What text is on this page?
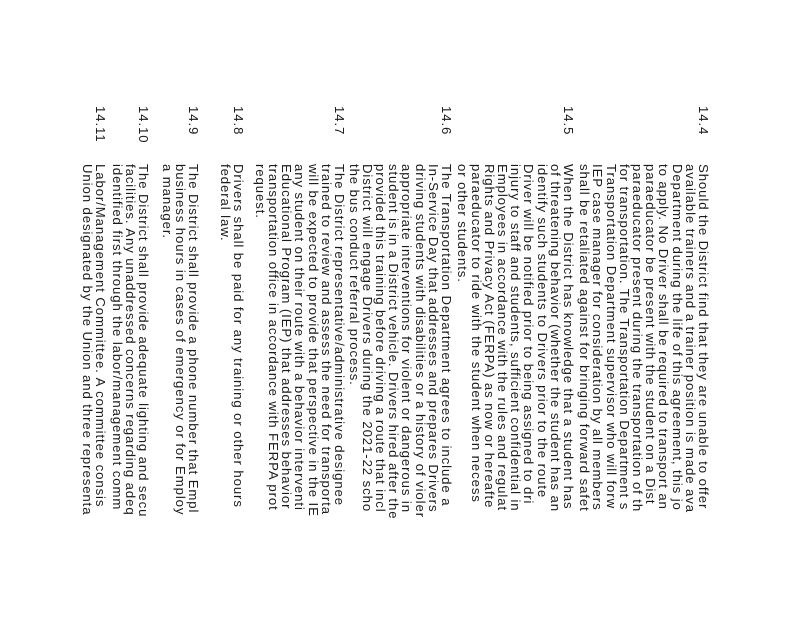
14.4
Should the District find that they are unable to offer
available trainers and a trainer position is made ava
Department during the life of this agreement, this jo
to apply. No Driver shall be required to transport an
paraeducator be present with the student on a Dist
paraeducator present during the transportation of th
for transportation. The Transportation Department s
Transportation Department supervisor who will forw
IEP case manager for consideration by all members
shall be retaliated against for bringing forward safet
14.5
When the District has knowledge that a student has
of threatening behavior (whether the student has an
identify such students to Drivers prior to the route
Driver will be notified prior to being assigned to dri
injury to staff and students, sufficient confidential in
Employees in accordance with the rules and regulat
Rights and Privacy Act (FERPA) as now or hereafte
paraeducator to ride with the student when necess
or other students.
14.6
The Transportation Department agrees to include a
In-Service Day that addresses and prepares Drivers
driving students with disabilities or a history of violer
appropriate interventions for violent or dangerous in
student is in a District vehicle. Drivers hired after the
provided this training before driving a route that incl
District will engage Drivers during the 2021-22 scho
the bus conduct referral process.
14.7
The District representative/administrative designee
trained to review and assess the need for transporta
will be expected to provide that perspective in the IE
any student on their route with a behavior interventi
Educational Program (IEP) that addresses behavior
transportation office in accordance with FERPA prot
request.
14.8
Drivers shall be paid for any training or other hours
federal law.
14.9
The District shall provide a phone number that Empl
business hours in cases of emergency or for Employ
a manager.
14.10
The District shall provide adequate lighting and secu
facilities. Any unaddressed concerns regarding adeq
identified first through the labor/management comm
14.11
Labor/Management Committee. A committee consis
Union designated by the Union and three representa
